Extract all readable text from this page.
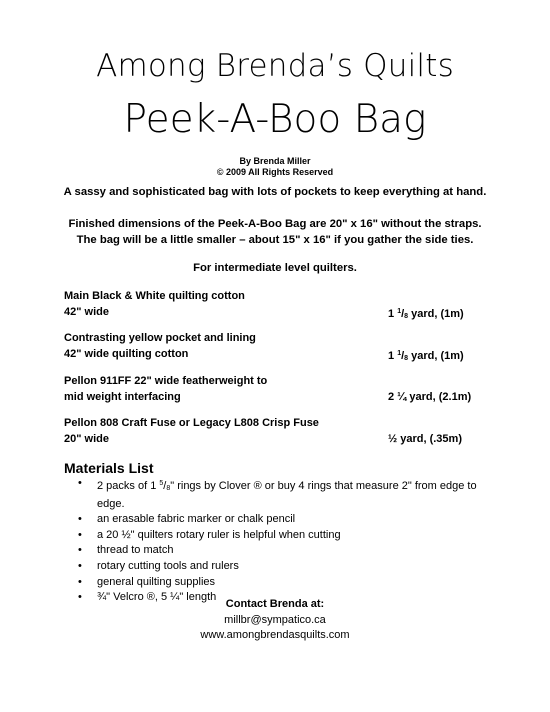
Among Brenda’s Quilts
Peek-A-Boo Bag
By Brenda Miller
© 2009 All Rights Reserved
A sassy and sophisticated bag with lots of pockets to keep everything at hand.
Finished dimensions of the Peek-A-Boo Bag are 20" x 16" without the straps.
The bag will be a little smaller – about 15" x 16" if you gather the side ties.
For intermediate level quilters.
Main Black & White quilting cotton
42" wide	1 $^1/_8$ yard, (1m)
Contrasting yellow pocket and lining
42" wide quilting cotton	1 $^1/_8$ yard, (1m)
Pellon 911FF 22" wide featherweight to
mid weight interfacing	2 ¼ yard, (2.1m)
Pellon 808 Craft Fuse or Legacy L808 Crisp Fuse
20" wide	½ yard, (.35m)
Materials List
• 2 packs of 1 $^5/_8$" rings by Clover ® or buy 4 rings that measure 2" from edge to edge.
• an erasable fabric marker or chalk pencil
• a 20 ½" quilters rotary ruler is helpful when cutting
• thread to match
• rotary cutting tools and rulers
• general quilting supplies
• ¾" Velcro ®, 5 ¼" length
Contact Brenda at:
millbr@sympatico.ca
www.amongbrendasquilts.com
